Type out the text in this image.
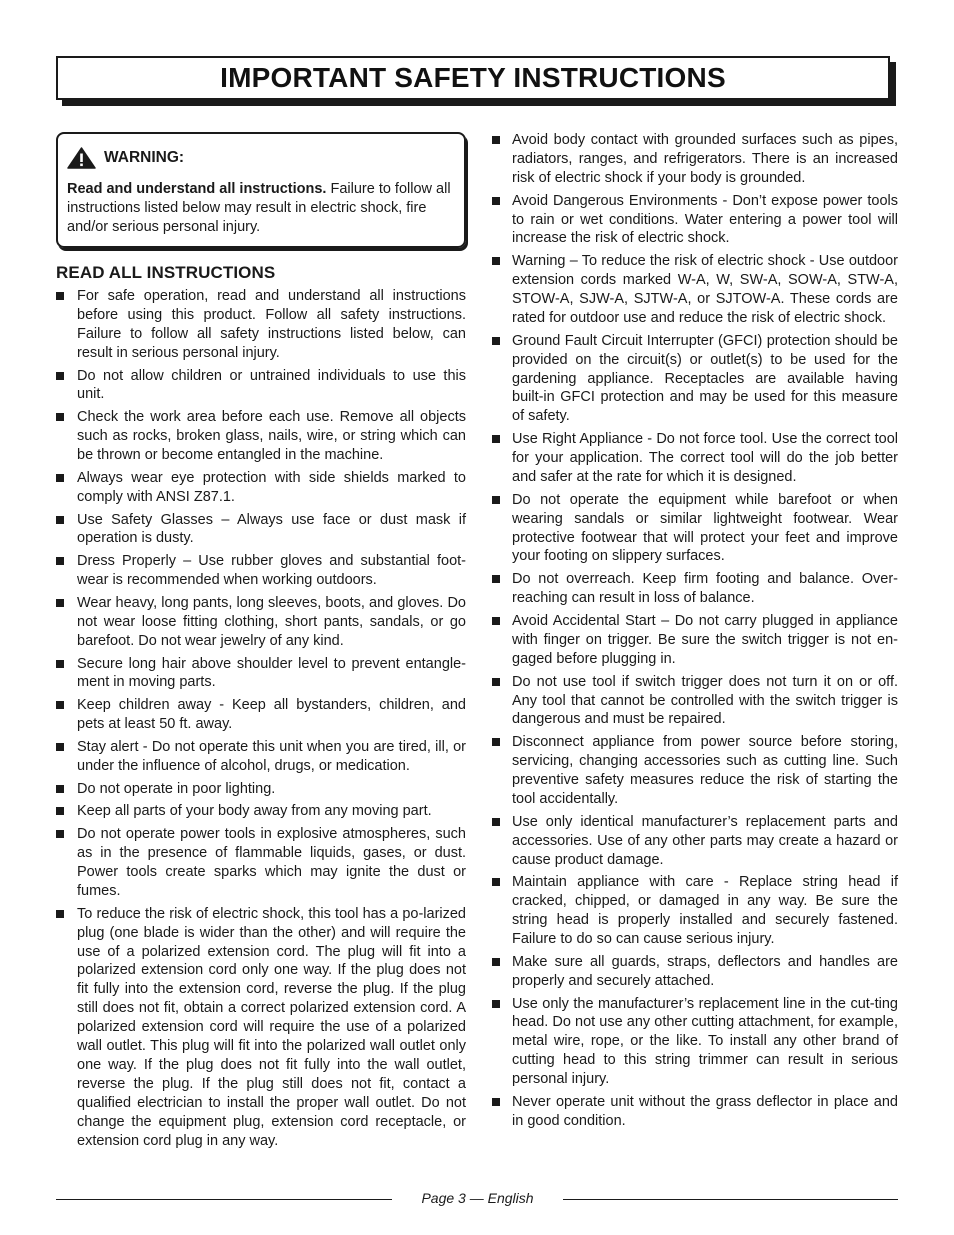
IMPORTANT SAFETY INSTRUCTIONS
WARNING:
Read and understand all instructions. Failure to follow all instructions listed below may result in electric shock, fire and/or serious personal injury.
READ ALL INSTRUCTIONS
For safe operation, read and understand all instructions before using this product. Follow all safety instructions. Failure to follow all safety instructions listed below, can result in serious personal injury.
Do not allow children or untrained individuals to use this unit.
Check the work area before each use. Remove all objects such as rocks, broken glass, nails, wire, or string which can be thrown or become entangled in the machine.
Always wear eye protection with side shields marked to comply with ANSI Z87.1.
Use Safety Glasses – Always use face or dust mask if operation is dusty.
Dress Properly – Use rubber gloves and substantial foot-wear is recommended when working outdoors.
Wear heavy, long pants, long sleeves, boots, and gloves. Do not wear loose fitting clothing, short pants, sandals, or go barefoot. Do not wear jewelry of any kind.
Secure long hair above shoulder level to prevent entangle-ment in moving parts.
Keep children away - Keep all bystanders, children, and pets at least 50 ft. away.
Stay alert - Do not operate this unit when you are tired, ill, or under the influence of alcohol, drugs, or medication.
Do not operate in poor lighting.
Keep all parts of your body away from any moving part.
Do not operate power tools in explosive atmospheres, such as in the presence of flammable liquids, gases, or dust. Power tools create sparks which may ignite the dust or fumes.
To reduce the risk of electric shock, this tool has a po-larized plug (one blade is wider than the other) and will require the use of a polarized extension cord. The plug will fit into a polarized extension cord only one way. If the plug does not fit fully into the extension cord, reverse the plug. If the plug still does not fit, obtain a correct polarized extension cord. A polarized extension cord will require the use of a polarized wall outlet. This plug will fit into the polarized wall outlet only one way. If the plug does not fit fully into the wall outlet, reverse the plug. If the plug still does not fit, contact a qualified electrician to install the proper wall outlet. Do not change the equipment plug, extension cord receptacle, or extension cord plug in any way.
Avoid body contact with grounded surfaces such as pipes, radiators, ranges, and refrigerators. There is an increased risk of electric shock if your body is grounded.
Avoid Dangerous Environments - Don’t expose power tools to rain or wet conditions. Water entering a power tool will increase the risk of electric shock.
Warning – To reduce the risk of electric shock - Use outdoor extension cords marked W-A, W, SW-A, SOW-A, STW-A, STOW-A, SJW-A, SJTW-A, or SJTOW-A. These cords are rated for outdoor use and reduce the risk of electric shock.
Ground Fault Circuit Interrupter (GFCI) protection should be provided on the circuit(s) or outlet(s) to be used for the gardening appliance. Receptacles are available having built-in GFCI protection and may be used for this measure of safety.
Use Right Appliance - Do not force tool. Use the correct tool for your application. The correct tool will do the job better and safer at the rate for which it is designed.
Do not operate the equipment while barefoot or when wearing sandals or similar lightweight footwear. Wear protective footwear that will protect your feet and improve your footing on slippery surfaces.
Do not overreach. Keep firm footing and balance. Over-reaching can result in loss of balance.
Avoid Accidental Start – Do not carry plugged in appliance with finger on trigger. Be sure the switch trigger is not en-gaged before plugging in.
Do not use tool if switch trigger does not turn it on or off. Any tool that cannot be controlled with the switch trigger is dangerous and must be repaired.
Disconnect appliance from power source before storing, servicing, changing accessories such as cutting line. Such preventive safety measures reduce the risk of starting the tool accidentally.
Use only identical manufacturer’s replacement parts and accessories. Use of any other parts may create a hazard or cause product damage.
Maintain appliance with care - Replace string head if cracked, chipped, or damaged in any way. Be sure the string head is properly installed and securely fastened. Failure to do so can cause serious injury.
Make sure all guards, straps, deflectors and handles are properly and securely attached.
Use only the manufacturer’s replacement line in the cut-ting head. Do not use any other cutting attachment, for example, metal wire, rope, or the like. To install any other brand of cutting head to this string trimmer can result in serious personal injury.
Never operate unit without the grass deflector in place and in good condition.
Page 3 — English
